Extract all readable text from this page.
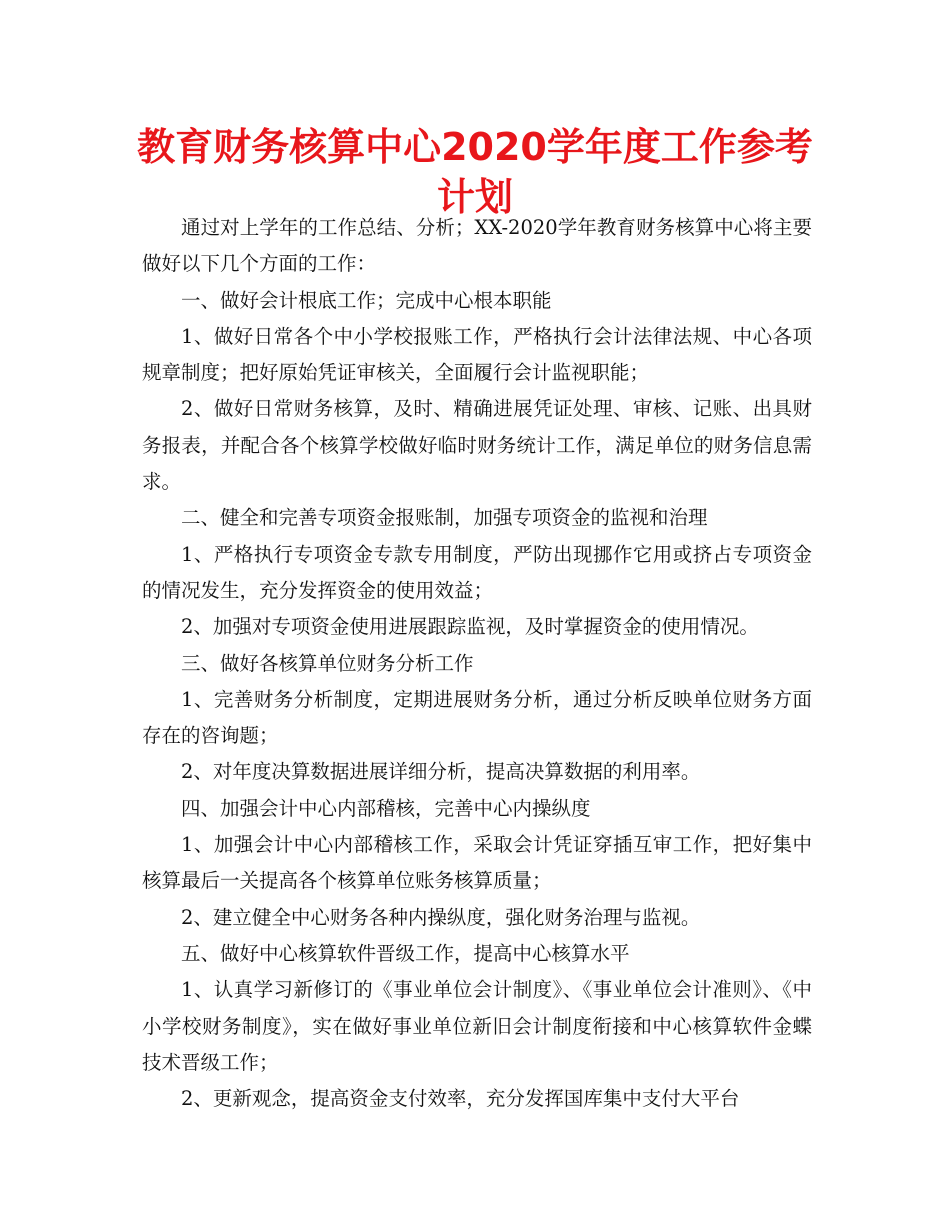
教育财务核算中心2020学年度工作参考计划

通过对上学年的工作总结、分析；XX-2020学年教育财务核算中心将主要做好以下几个方面的工作：

一、做好会计根底工作；完成中心根本职能

1、做好日常各个中小学校报账工作，严格执行会计法律法规、中心各项规章制度；把好原始凭证审核关，全面履行会计监视职能；

2、做好日常财务核算，及时、精确进展凭证处理、审核、记账、出具财务报表，并配合各个核算学校做好临时财务统计工作，满足单位的财务信息需求。

二、健全和完善专项资金报账制，加强专项资金的监视和治理

1、严格执行专项资金专款专用制度，严防出现挪作它用或挤占专项资金的情况发生，充分发挥资金的使用效益；

2、加强对专项资金使用进展跟踪监视，及时掌握资金的使用情况。

三、做好各核算单位财务分析工作

1、完善财务分析制度，定期进展财务分析，通过分析反映单位财务方面存在的咨询题；

2、对年度决算数据进展详细分析，提高决算数据的利用率。

四、加强会计中心内部稽核，完善中心内操纵度

1、加强会计中心内部稽核工作，采取会计凭证穿插互审工作，把好集中核算最后一关提高各个核算单位账务核算质量；

2、建立健全中心财务各种内操纵度，强化财务治理与监视。

五、做好中心核算软件晋级工作，提高中心核算水平

1、认真学习新修订的《事业单位会计制度》、《事业单位会计准则》、《中小学校财务制度》，实在做好事业单位新旧会计制度衔接和中心核算软件金蝶技术晋级工作；

2、更新观念，提高资金支付效率，充分发挥国库集中支付大平台
